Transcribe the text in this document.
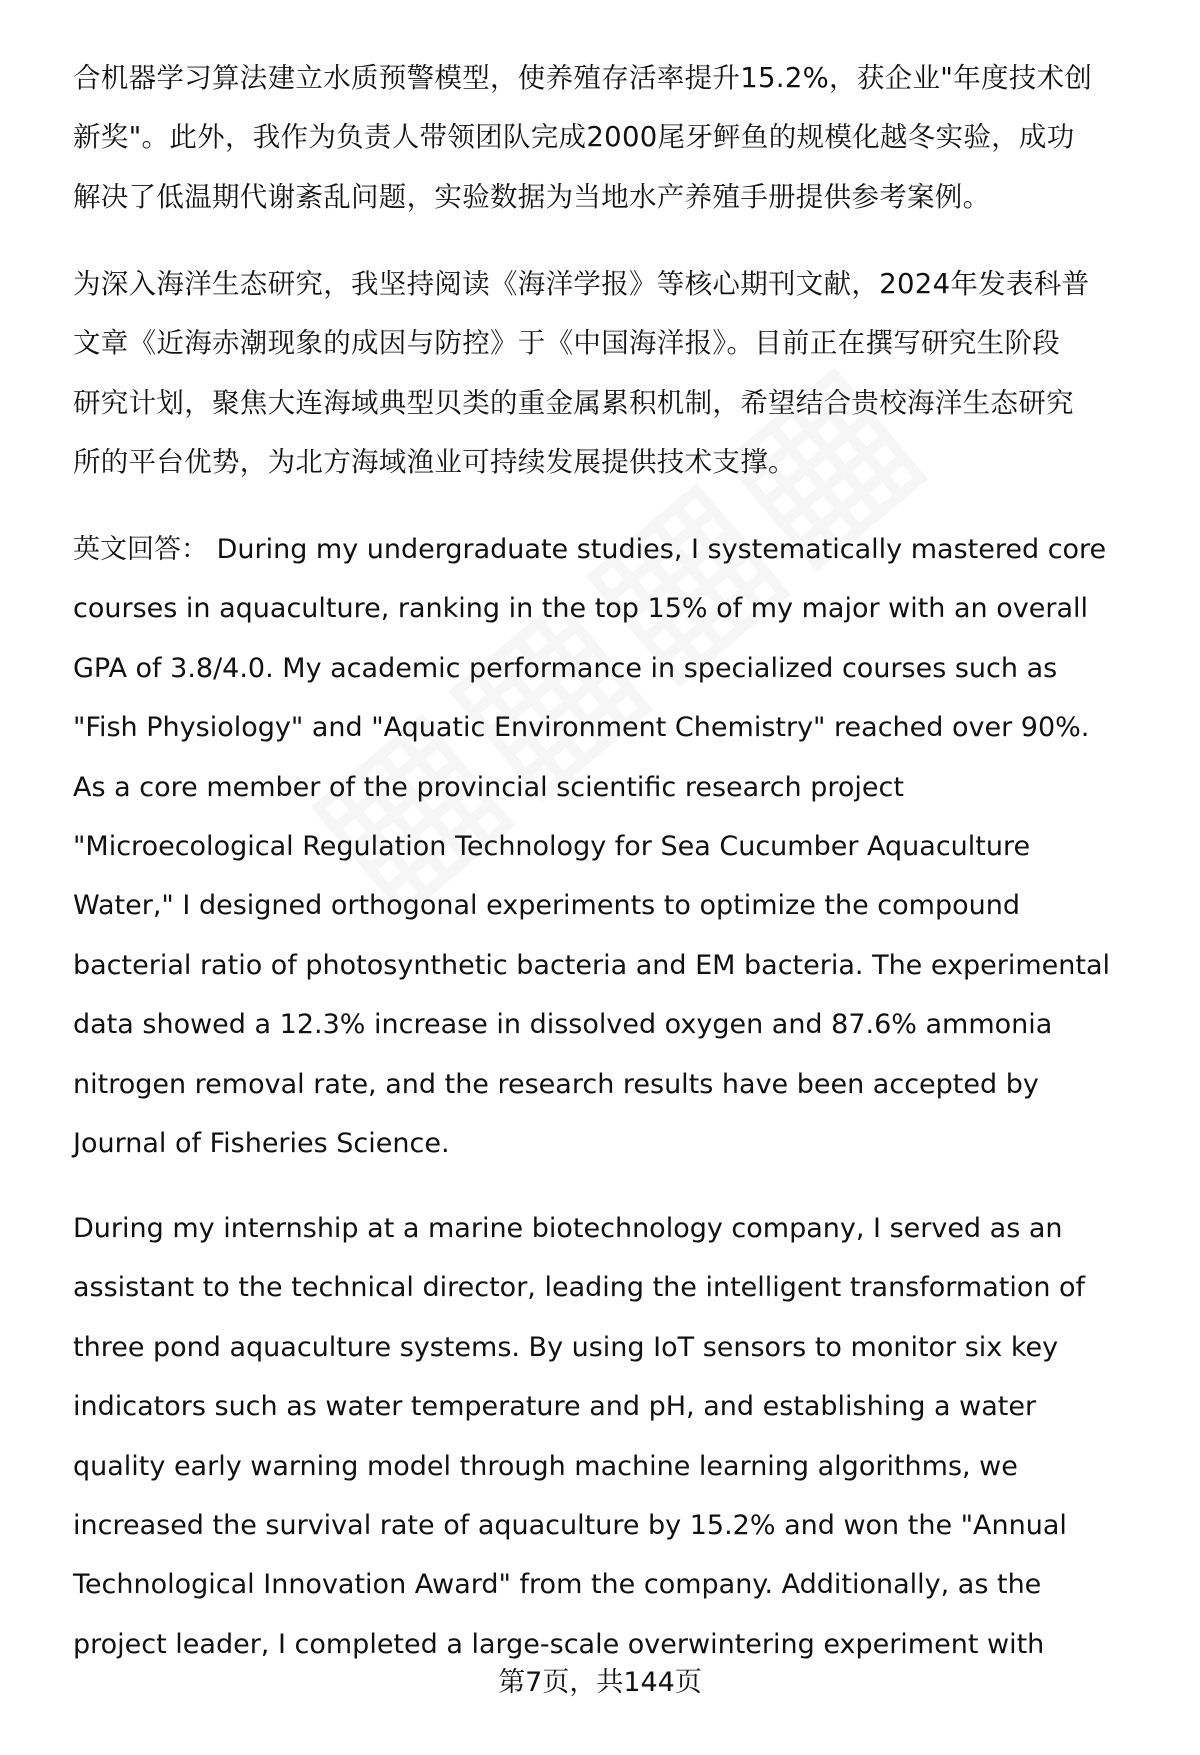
合机器学习算法建立水质预警模型，使养殖存活率提升15.2%，获企业"年度技术创
新奖"。此外，我作为负责人带领团队完成2000尾牙鲆鱼的规模化越冬实验，成功
解决了低温期代谢紊乱问题，实验数据为当地水产养殖手册提供参考案例。
为深入海洋生态研究，我坚持阅读《海洋学报》等核心期刊文献，2024年发表科普
文章《近海赤潮现象的成因与防控》于《中国海洋报》。目前正在撰写研究生阶段
研究计划，聚焦大连海域典型贝类的重金属累积机制，希望结合贵校海洋生态研究
所的平台优势，为北方海域渔业可持续发展提供技术支撑。
英文回答： During my undergraduate studies, I systematically mastered core
courses in aquaculture, ranking in the top 15% of my major with an overall
GPA of 3.8/4.0. My academic performance in specialized courses such as
"Fish Physiology" and "Aquatic Environment Chemistry" reached over 90%.
As a core member of the provincial scientific research project
"Microecological Regulation Technology for Sea Cucumber Aquaculture
Water," I designed orthogonal experiments to optimize the compound
bacterial ratio of photosynthetic bacteria and EM bacteria. The experimental
data showed a 12.3% increase in dissolved oxygen and 87.6% ammonia
nitrogen removal rate, and the research results have been accepted by
Journal of Fisheries Science.
During my internship at a marine biotechnology company, I served as an
assistant to the technical director, leading the intelligent transformation of
three pond aquaculture systems. By using IoT sensors to monitor six key
indicators such as water temperature and pH, and establishing a water
quality early warning model through machine learning algorithms, we
increased the survival rate of aquaculture by 15.2% and won the "Annual
Technological Innovation Award" from the company. Additionally, as the
project leader, I completed a large-scale overwintering experiment with
第7页，共144页
